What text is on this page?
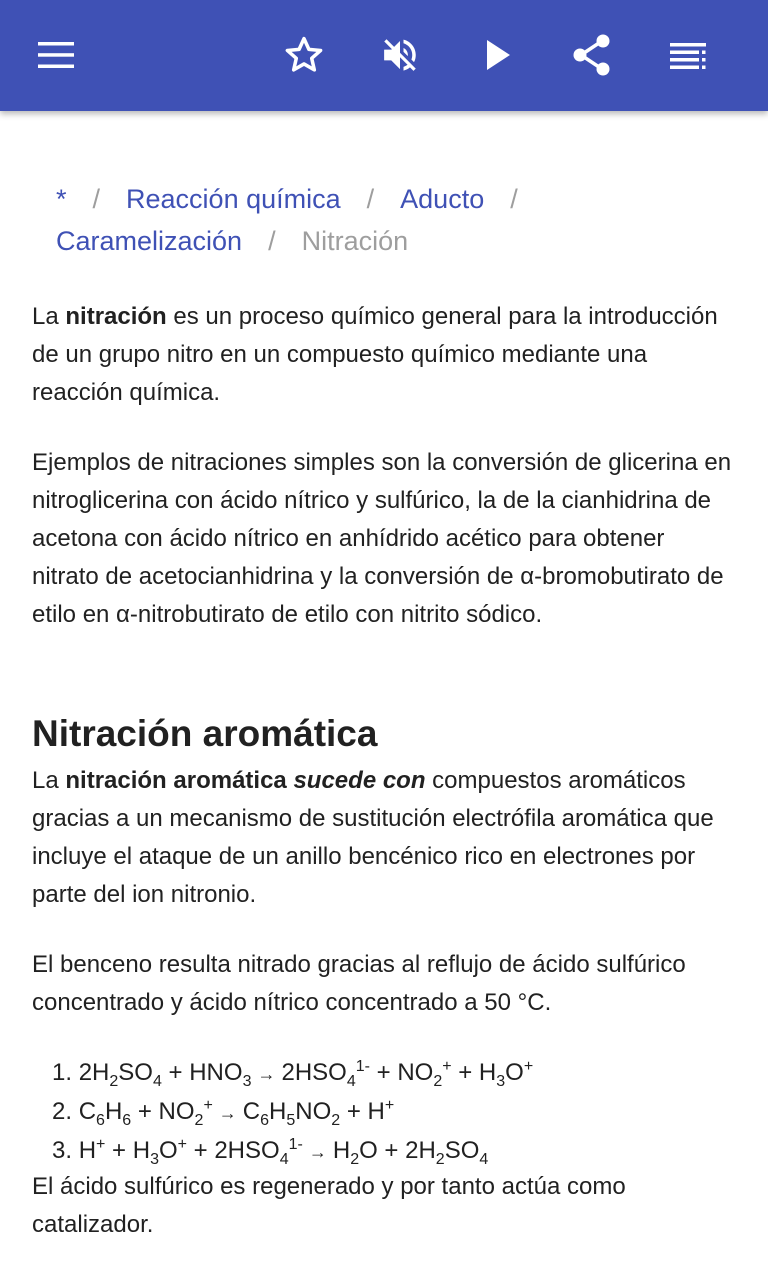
* / Reacción química / Aducto /
Caramelización / Nitración

La nitración es un proceso químico general para la introducción de un grupo nitro en un compuesto químico mediante una reacción química.

Ejemplos de nitraciones simples son la conversión de glicerina en nitroglicerina con ácido nítrico y sulfúrico, la de la cianhidrina de acetona con ácido nítrico en anhídrido acético para obtener nitrato de acetocianhidrina y la conversión de α-bromobutirato de etilo en α-nitrobutirato de etilo con nitrito sódico.

Nitración aromática

La nitración aromática sucede con compuestos aromáticos gracias a un mecanismo de sustitución electrófila aromática que incluye el ataque de un anillo bencénico rico en electrones por parte del ion nitronio.

El benceno resulta nitrado gracias al reflujo de ácido sulfúrico concentrado y ácido nítrico concentrado a 50 °C.

1. $2H_2SO_4 + HNO_3 \to 2HSO_4^{1-} + NO_2^+ + H_3O^+$
2. $C_6H_6 + NO_2^+ \to C_6H_5NO_2 + H^+$
3. $H^+ + H_3O^+ + 2HSO_4^{1-} \to H_2O + 2H_2SO_4$

El ácido sulfúrico es regenerado y por tanto actúa como catalizador.
